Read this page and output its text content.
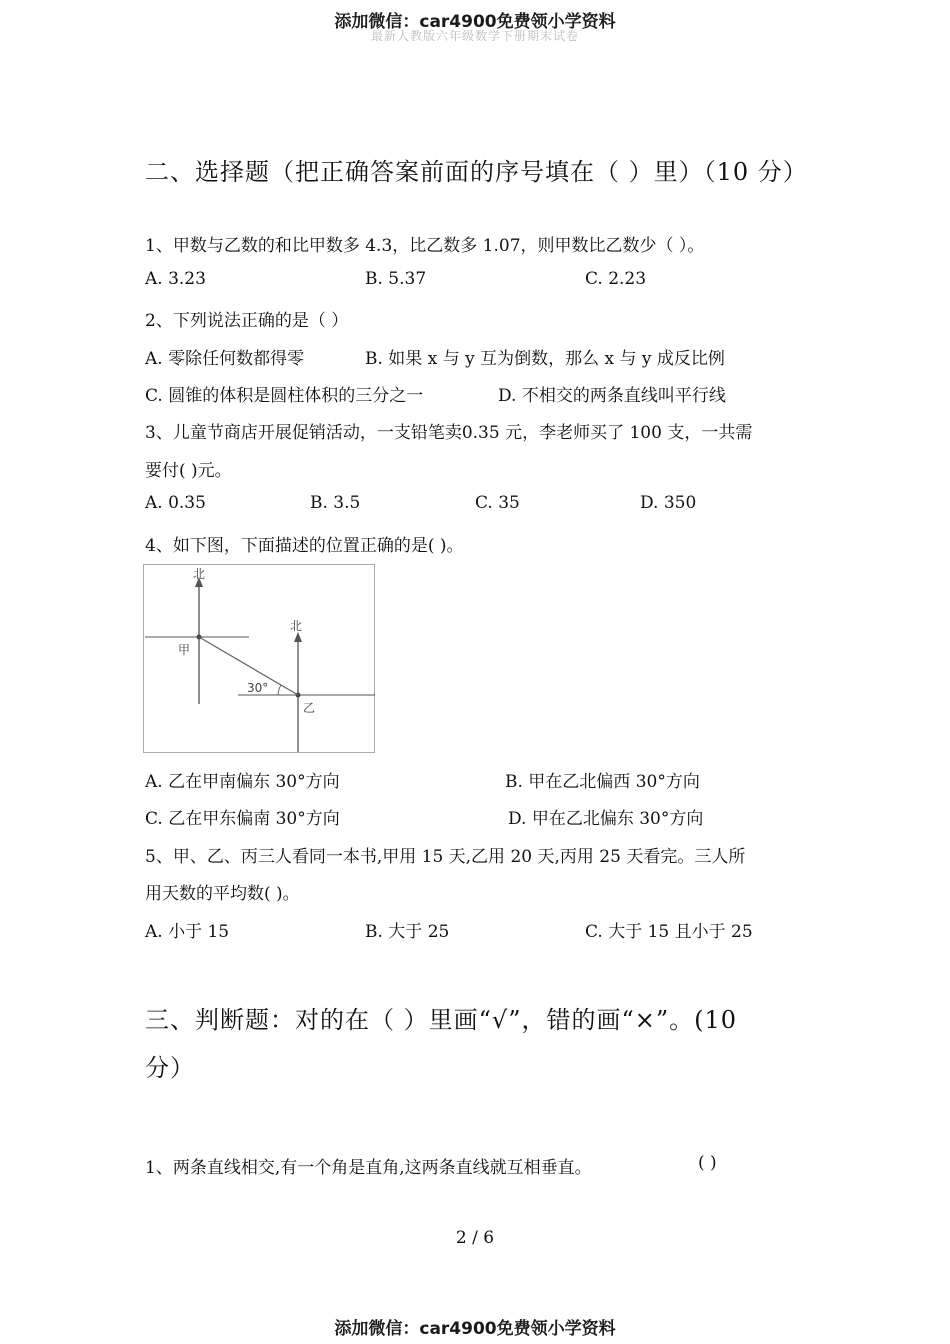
添加微信：car4900免费领小学资料
最新人教版六年级数学下册期末试卷
二、选择题（把正确答案前面的序号填在（ ）里）（10 分）
1、甲数与乙数的和比甲数多 4.3，比乙数多 1.07，则甲数比乙数少（ ）。
A. 3.23	B. 5.37	C. 2.23
2、下列说法正确的是（ ）
A. 零除任何数都得零	B. 如果 x 与 y 互为倒数，那么 x 与 y 成反比例
C. 圆锥的体积是圆柱体积的三分之一	D. 不相交的两条直线叫平行线
3、儿童节商店开展促销活动，一支铅笔卖0.35 元，李老师买了 100 支，一共需
要付( )元。
A. 0.35	B. 3.5	C. 35	D. 350
4、如下图，下面描述的位置正确的是( )。
北
甲
北
乙
30°
A. 乙在甲南偏东 30°方向	B. 甲在乙北偏西 30°方向
C. 乙在甲东偏南 30°方向	D. 甲在乙北偏东 30°方向
5、甲、乙、丙三人看同一本书,甲用 15 天,乙用 20 天,丙用 25 天看完。三人所
用天数的平均数( )。
A. 小于 15	B. 大于 25	C. 大于 15 且小于 25
三、判断题：对的在（ ）里画“√”，错的画“×”。(10
分）
1、两条直线相交,有一个角是直角,这两条直线就互相垂直。	( )
2 / 6
添加微信：car4900免费领小学资料
